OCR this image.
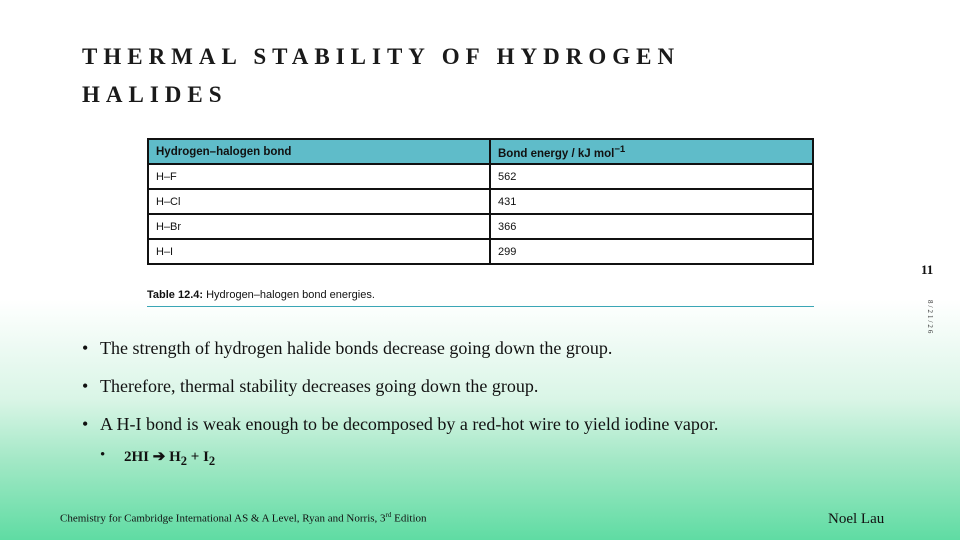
THERMAL STABILITY OF HYDROGEN HALIDES
Hydrogen–halogen bond	Bond energy / kJ mol$^{-1}$
H–F	562
H–Cl	431
H–Br	366
H–I	299
Table 12.4: Hydrogen–halogen bond energies.
11
8/21/26
• The strength of hydrogen halide bonds decrease going down the group.
• Therefore, thermal stability decreases going down the group.
• A H-I bond is weak enough to be decomposed by a red-hot wire to yield iodine vapor.
• 2HI ➔ $H_2 + I_2$
Chemistry for Cambridge International AS & A Level, Ryan and Norris, 3rd Edition	Noel Lau
